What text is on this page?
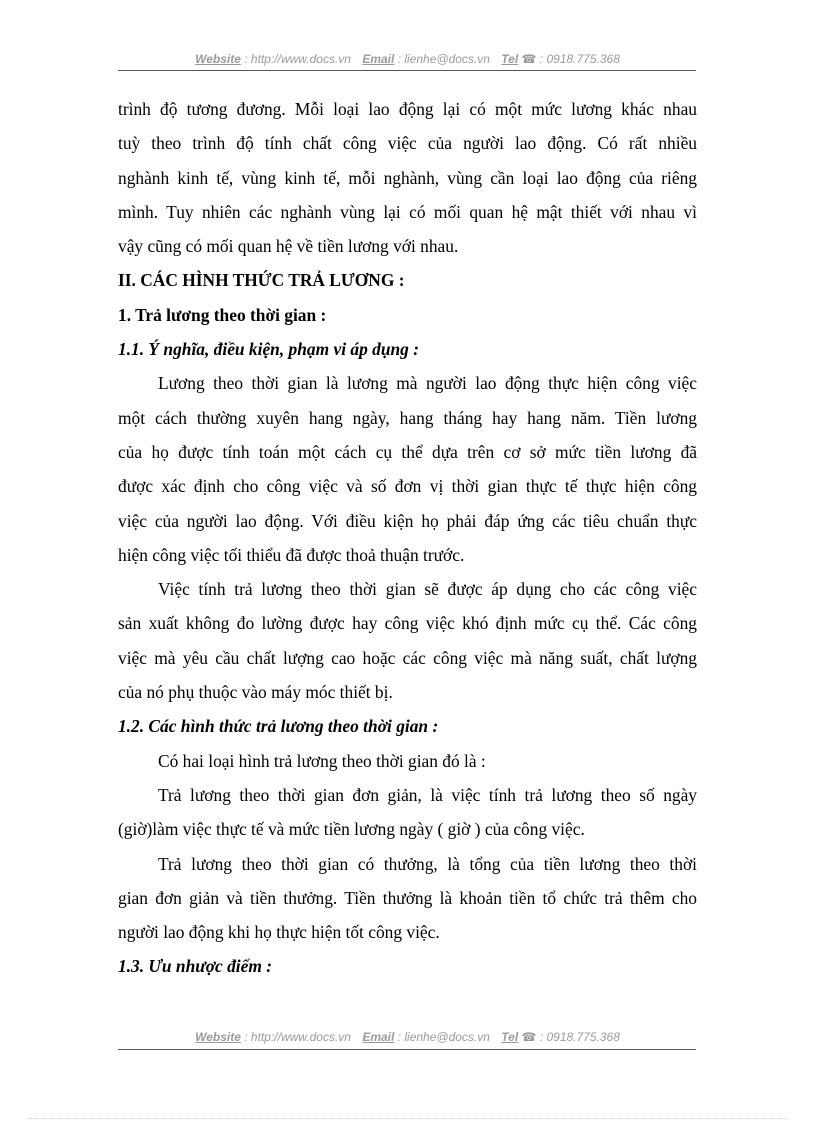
Website : http://www.docs.vn Email : lienhe@docs.vn Tel ☎ : 0918.775.368

trình độ tương đương. Mỗi loại lao động lại có một mức lương khác nhau

tuỳ theo trình độ tính chất công việc của người lao động. Có rất nhiều

nghành kinh tế, vùng kinh tế, mỗi nghành, vùng cần loại lao động của riêng

mình. Tuy nhiên các nghành vùng lại có mối quan hệ mật thiết với nhau vì

vậy cũng có mối quan hệ về tiền lương với nhau.

II. CÁC HÌNH THỨC TRẢ LƯƠNG :

1. Trả lương theo thời gian :

1.1. Ý nghĩa, điều kiện, phạm vi áp dụng :

Lương theo thời gian là lương mà người lao động thực hiện công việc

một cách thường xuyên hang ngày, hang tháng hay hang năm. Tiền lương

của họ được tính toán một cách cụ thể dựa trên cơ sở mức tiền lương đã

được xác định cho công việc và số đơn vị thời gian thực tế thực hiện công

việc của người lao động. Với điều kiện họ phải đáp ứng các tiêu chuẩn thực

hiện công việc tối thiểu đã được thoả thuận trước.

Việc tính trả lương theo thời gian sẽ được áp dụng cho các công việc

sản xuất không đo lường được hay công việc khó định mức cụ thể. Các công

việc mà yêu cầu chất lượng cao hoặc các công việc mà năng suất, chất lượng

của nó phụ thuộc vào máy móc thiết bị.

1.2. Các hình thức trả lương theo thời gian :

Có hai loại hình trả lương theo thời gian đó là :

Trả lương theo thời gian đơn giản, là việc tính trả lương theo số ngày

(giờ)làm việc thực tế và mức tiền lương ngày ( giờ ) của công việc.

Trả lương theo thời gian có thưởng, là tổng của tiền lương theo thời

gian đơn giản và tiền thưởng. Tiền thưởng là khoản tiền tổ chức trả thêm cho

người lao động khi họ thực hiện tốt công việc.

1.3. Ưu nhược điểm :

Website : http://www.docs.vn Email : lienhe@docs.vn Tel ☎ : 0918.775.368
